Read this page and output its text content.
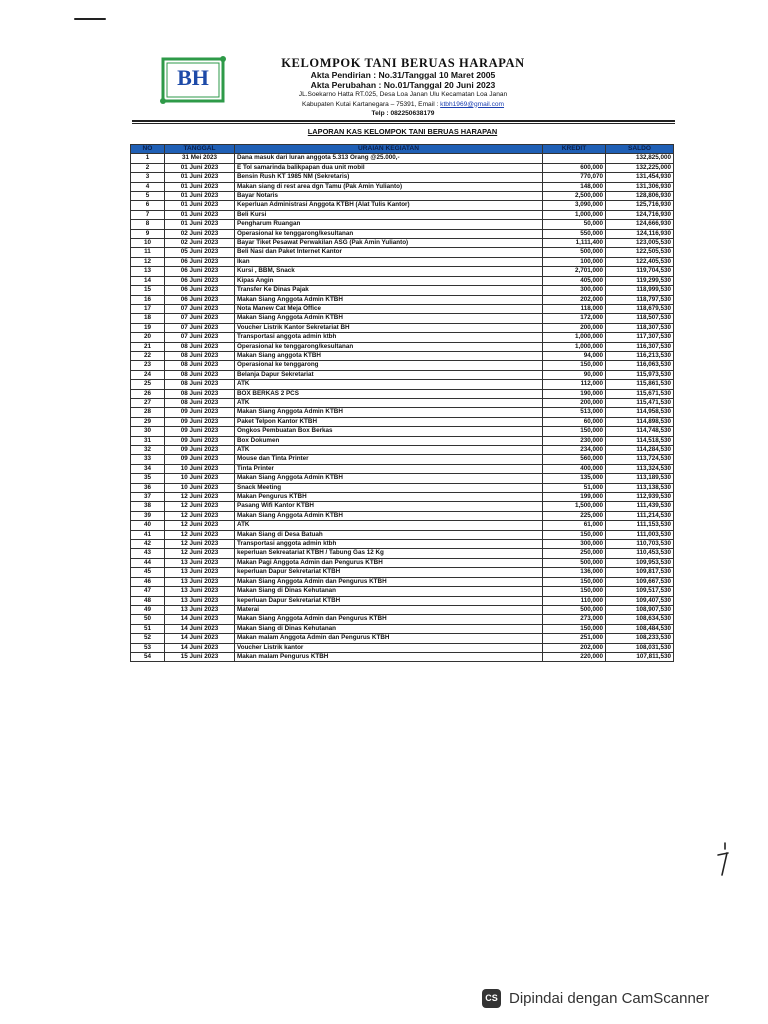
BH
KELOMPOK TANI BERUAS HARAPAN
Akta Pendirian : No.31/Tanggal 10 Maret 2005
Akta Perubahan : No.01/Tanggal 20 Juni 2023
JL.Soekarno Hatta RT.025, Desa Loa Janan Ulu Kecamatan Loa Janan
Kabupaten Kutai Kartanegara – 75391, Email : ktbh1969@gmail.com
Telp : 082250638179
LAPORAN KAS KELOMPOK TANI BERUAS HARAPAN
NO	TANGGAL	URAIAN KEGIATAN	KREDIT	SALDO
1	31 Mei 2023	Dana masuk dari Iuran anggota 5.313 Orang @25.000,-		132,825,000
2	01 Juni 2023	E Tol samarinda balikpapan dua unit mobil	600,000	132,225,000
3	01 Juni 2023	Bensin Rush KT 1985 NM (Sekretaris)	770,070	131,454,930
4	01 Juni 2023	Makan siang di rest area dgn Tamu (Pak Amin Yulianto)	148,000	131,306,930
5	01 Juni 2023	Bayar Notaris	2,500,000	128,806,930
6	01 Juni 2023	Keperluan Administrasi Anggota KTBH (Alat Tulis Kantor)	3,090,000	125,716,930
7	01 Juni 2023	Beli Kursi	1,000,000	124,716,930
8	01 Juni 2023	Pengharum Ruangan	50,000	124,666,930
9	02 Juni 2023	Operasional ke tenggarong/kesultanan	550,000	124,116,930
10	02 Juni 2023	Bayar Tiket Pesawat Perwakilan ASG (Pak Amin Yulianto)	1,111,400	123,005,530
11	05 Juni 2023	Beli Nasi dan Paket Internet Kantor	500,000	122,505,530
12	06 Juni 2023	Ikan	100,000	122,405,530
13	06 Juni 2023	Kursi , BBM, Snack	2,701,000	119,704,530
14	06 Juni 2023	Kipas Angin	405,000	119,299,530
15	06 Juni 2023	Transfer Ke Dinas Pajak	300,000	118,999,530
16	06 Juni 2023	Makan Siang Anggota Admin KTBH	202,000	118,797,530
17	07 Juni 2023	Nota Manew Cat Meja Office	118,000	118,679,530
18	07 Juni 2023	Makan Siang Anggota Admin KTBH	172,000	118,507,530
19	07 Juni 2023	Voucher Listrik Kantor Sekretariat BH	200,000	118,307,530
20	07 Juni 2023	Transportasi anggota admin ktbh	1,000,000	117,307,530
21	08 Juni 2023	Operasional ke tenggarong/kesultanan	1,000,000	116,307,530
22	08 Juni 2023	Makan Siang anggota KTBH	94,000	116,213,530
23	08 Juni 2023	Operasional ke tenggarong	150,000	116,063,530
24	08 Juni 2023	Belanja Dapur Sekretariat	90,000	115,973,530
25	08 Juni 2023	ATK	112,000	115,861,530
26	08 Juni 2023	BOX BERKAS 2 PCS	190,000	115,671,530
27	08 Juni 2023	ATK	200,000	115,471,530
28	09 Juni 2023	Makan Siang Anggota Admin KTBH	513,000	114,958,530
29	09 Juni 2023	Paket Telpon Kantor KTBH	60,000	114,898,530
30	09 Juni 2023	Ongkos Pembuatan Box Berkas	150,000	114,748,530
31	09 Juni 2023	Box Dokumen	230,000	114,518,530
32	09 Juni 2023	ATK	234,000	114,284,530
33	09 Juni 2023	Mouse dan Tinta Printer	560,000	113,724,530
34	10 Juni 2023	Tinta Printer	400,000	113,324,530
35	10 Juni 2023	Makan Siang Anggota Admin KTBH	135,000	113,189,530
36	10 Juni 2023	Snack Meeting	51,000	113,138,530
37	12 Juni 2023	Makan Pengurus KTBH	199,000	112,939,530
38	12 Juni 2023	Pasang Wifi Kantor KTBH	1,500,000	111,439,530
39	12 Juni 2023	Makan Siang Anggota Admin KTBH	225,000	111,214,530
40	12 Juni 2023	ATK	61,000	111,153,530
41	12 Juni 2023	Makan Siang di Desa Batuah	150,000	111,003,530
42	12 Juni 2023	Transportasi anggota admin ktbh	300,000	110,703,530
43	12 Juni 2023	keperluan Sekreatariat KTBH / Tabung Gas 12 Kg	250,000	110,453,530
44	13 Juni 2023	Makan Pagi Anggota Admin dan Pengurus KTBH	500,000	109,953,530
45	13 Juni 2023	keperluan Dapur Sekretariat KTBH	136,000	109,817,530
46	13 Juni 2023	Makan Siang Anggota Admin dan Pengurus KTBH	150,000	109,667,530
47	13 Juni 2023	Makan Siang di Dinas Kehutanan	150,000	109,517,530
48	13 Juni 2023	keperluan Dapur Sekretariat KTBH	110,000	109,407,530
49	13 Juni 2023	Materai	500,000	108,907,530
50	14 Juni 2023	Makan Siang Anggota Admin dan Pengurus KTBH	273,000	108,634,530
51	14 Juni 2023	Makan Siang di Dinas Kehutanan	150,000	108,484,530
52	14 Juni 2023	Makan malam Anggota Admin dan Pengurus KTBH	251,000	108,233,530
53	14 Juni 2023	Voucher Listrik kantor	202,000	108,031,530
54	15 Juni 2023	Makan malam Pengurus KTBH	220,000	107,811,530
CS Dipindai dengan CamScanner
